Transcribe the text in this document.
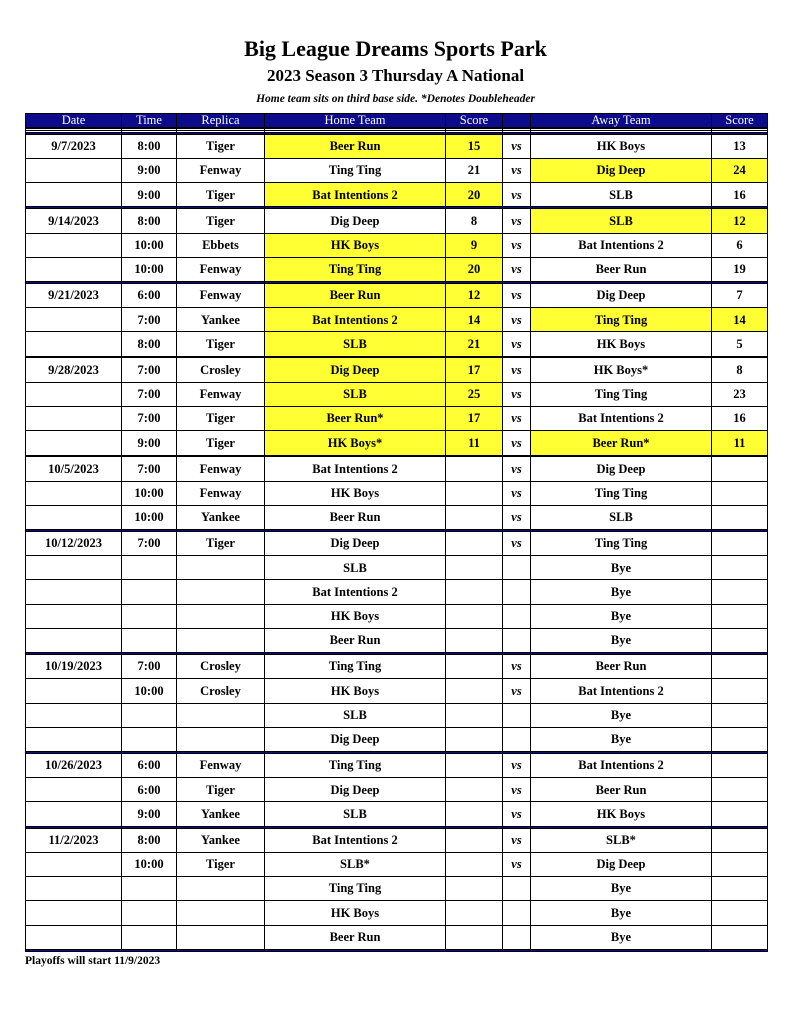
Big League Dreams Sports Park
2023 Season 3 Thursday A National
Home team sits on third base side. *Denotes Doubleheader
Date	Time	Replica	Home Team	Score		Away Team	Score

9/7/2023	8:00	Tiger	Beer Run	15	vs	HK Boys	13
	9:00	Fenway	Ting Ting	21	vs	Dig Deep	24
	9:00	Tiger	Bat Intentions 2	20	vs	SLB	16

9/14/2023	8:00	Tiger	Dig Deep	8	vs	SLB	12
	10:00	Ebbets	HK Boys	9	vs	Bat Intentions 2	6
	10:00	Fenway	Ting Ting	20	vs	Beer Run	19

9/21/2023	6:00	Fenway	Beer Run	12	vs	Dig Deep	7
	7:00	Yankee	Bat Intentions 2	14	vs	Ting Ting	14
	8:00	Tiger	SLB	21	vs	HK Boys	5

9/28/2023	7:00	Crosley	Dig Deep	17	vs	HK Boys*	8
	7:00	Fenway	SLB	25	vs	Ting Ting	23
	7:00	Tiger	Beer Run*	17	vs	Bat Intentions 2	16
	9:00	Tiger	HK Boys*	11	vs	Beer Run*	11

10/5/2023	7:00	Fenway	Bat Intentions 2		vs	Dig Deep	
	10:00	Fenway	HK Boys		vs	Ting Ting	
	10:00	Yankee	Beer Run		vs	SLB	

10/12/2023	7:00	Tiger	Dig Deep		vs	Ting Ting	
			SLB			Bye	
			Bat Intentions 2			Bye	
			HK Boys			Bye	
			Beer Run			Bye	

10/19/2023	7:00	Crosley	Ting Ting		vs	Beer Run	
	10:00	Crosley	HK Boys		vs	Bat Intentions 2	
			SLB			Bye	
			Dig Deep			Bye	

10/26/2023	6:00	Fenway	Ting Ting		vs	Bat Intentions 2	
	6:00	Tiger	Dig Deep		vs	Beer Run	
	9:00	Yankee	SLB		vs	HK Boys	

11/2/2023	8:00	Yankee	Bat Intentions 2		vs	SLB*	
	10:00	Tiger	SLB*		vs	Dig Deep	
			Ting Ting			Bye	
			HK Boys			Bye	
			Beer Run			Bye	

Playoffs will start 11/9/2023
